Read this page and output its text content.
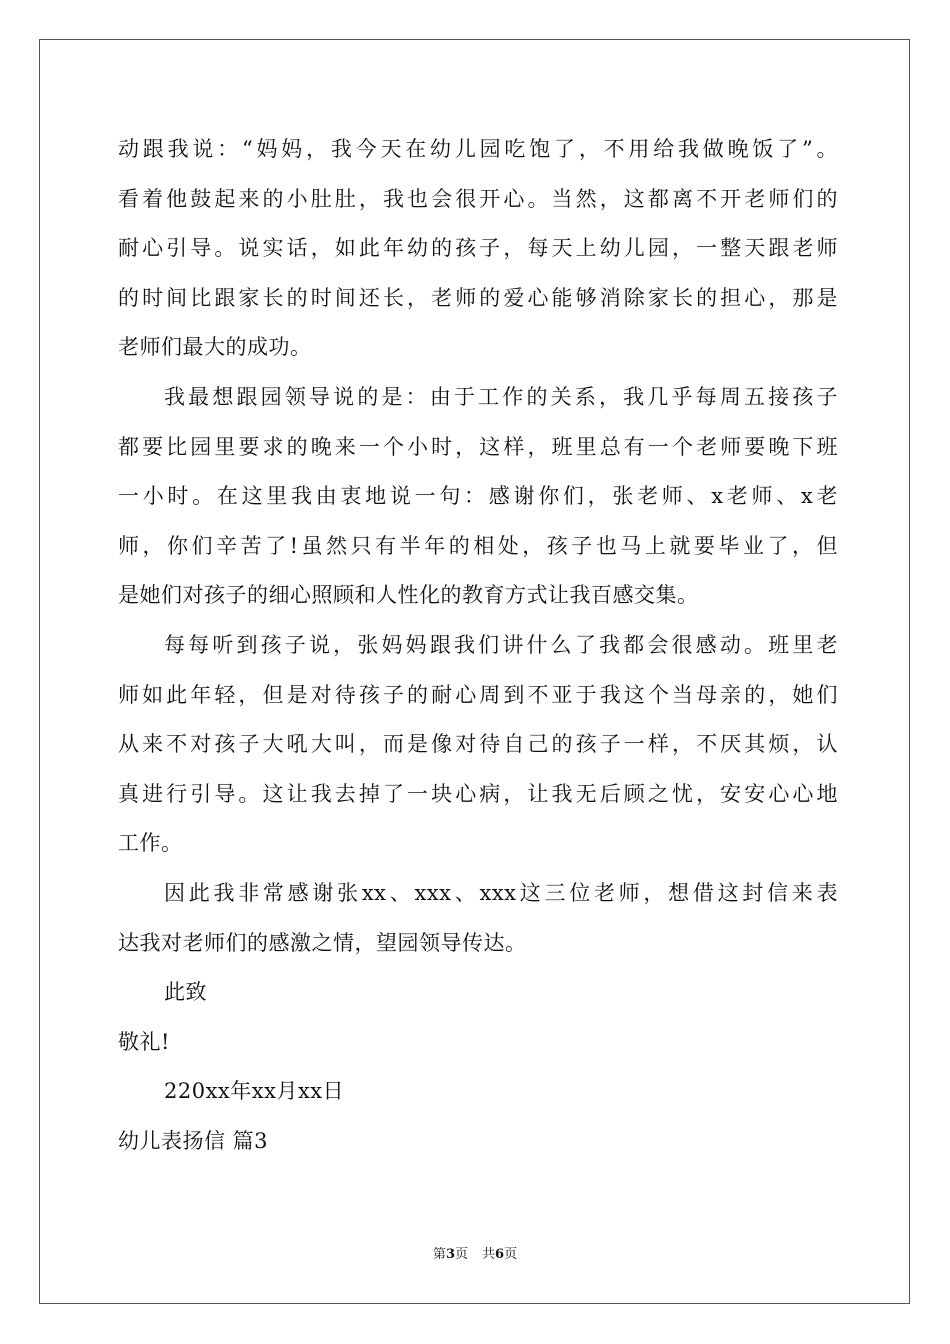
动跟我说：“妈妈，我今天在幼儿园吃饱了，不用给我做晚饭了”。
看着他鼓起来的小肚肚，我也会很开心。当然，这都离不开老师们的
耐心引导。说实话，如此年幼的孩子，每天上幼儿园，一整天跟老师
的时间比跟家长的时间还长，老师的爱心能够消除家长的担心，那是
老师们最大的成功。
我最想跟园领导说的是：由于工作的关系，我几乎每周五接孩子
都要比园里要求的晚来一个小时，这样，班里总有一个老师要晚下班
一小时。在这里我由衷地说一句：感谢你们，张老师、x老师、x老
师，你们辛苦了!虽然只有半年的相处，孩子也马上就要毕业了，但
是她们对孩子的细心照顾和人性化的教育方式让我百感交集。
每每听到孩子说，张妈妈跟我们讲什么了我都会很感动。班里老
师如此年轻，但是对待孩子的耐心周到不亚于我这个当母亲的，她们
从来不对孩子大吼大叫，而是像对待自己的孩子一样，不厌其烦，认
真进行引导。这让我去掉了一块心病，让我无后顾之忧，安安心心地
工作。
因此我非常感谢张xx、xxx、xxx这三位老师，想借这封信来表
达我对老师们的感激之情，望园领导传达。
此致
敬礼!
220xx年xx月xx日
幼儿表扬信 篇3
第3页 共6页
